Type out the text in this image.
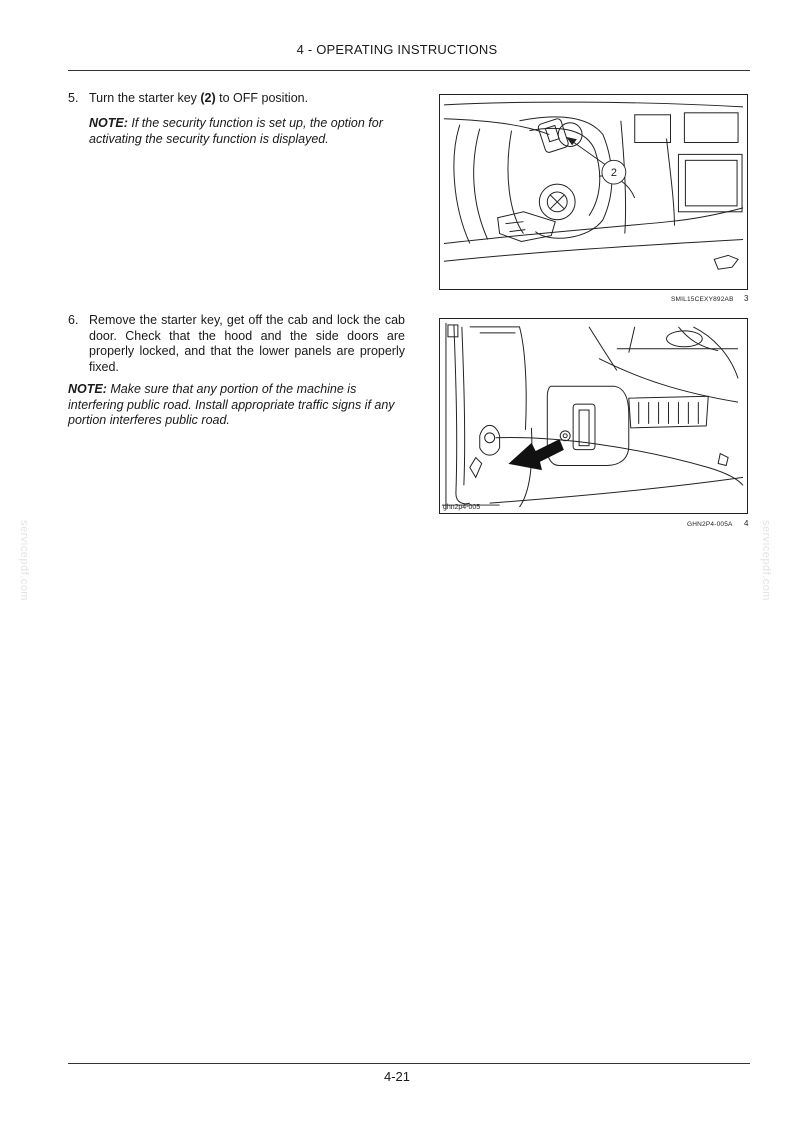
4 - OPERATING INSTRUCTIONS
5. Turn the starter key (2) to OFF position.
NOTE: If the security function is set up, the option for activating the security function is displayed.
2
SMIL15CEXY892AB 3
6. Remove the starter key, get off the cab and lock the cab door. Check that the hood and the side doors are properly locked, and that the lower panels are properly fixed.
NOTE: Make sure that any portion of the machine is interfering public road. Install appropriate traffic signs if any portion interferes public road.
ghn2p4-005
GHN2P4-005A 4
servicepdf.com	servicepdf.com
4-21
